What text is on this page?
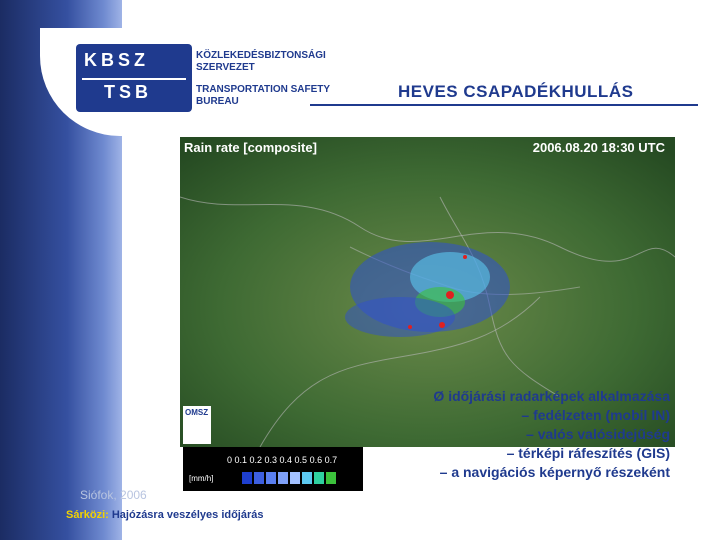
KBSZ
TSB
KÖZLEKEDÉSBIZTONSÁGI
SZERVEZET
TRANSPORTATION SAFETY
BUREAU
HEVES CSAPADÉKHULLÁS
Rain rate [composite]	2006.08.20 18:30 UTC
OMSZ
0 0.1 0.2 0.3 0.4 0.5 0.6 0.7
[mm/h]
Ø időjárási radarképek alkalmazása
– fedélzeten (mobil IN)
– valós valósidejűség
– térképi ráfeszítés (GIS)
– a navigációs képernyő részeként
Siófok, 2006
Sárközi: Hajózásra veszélyes időjárás
